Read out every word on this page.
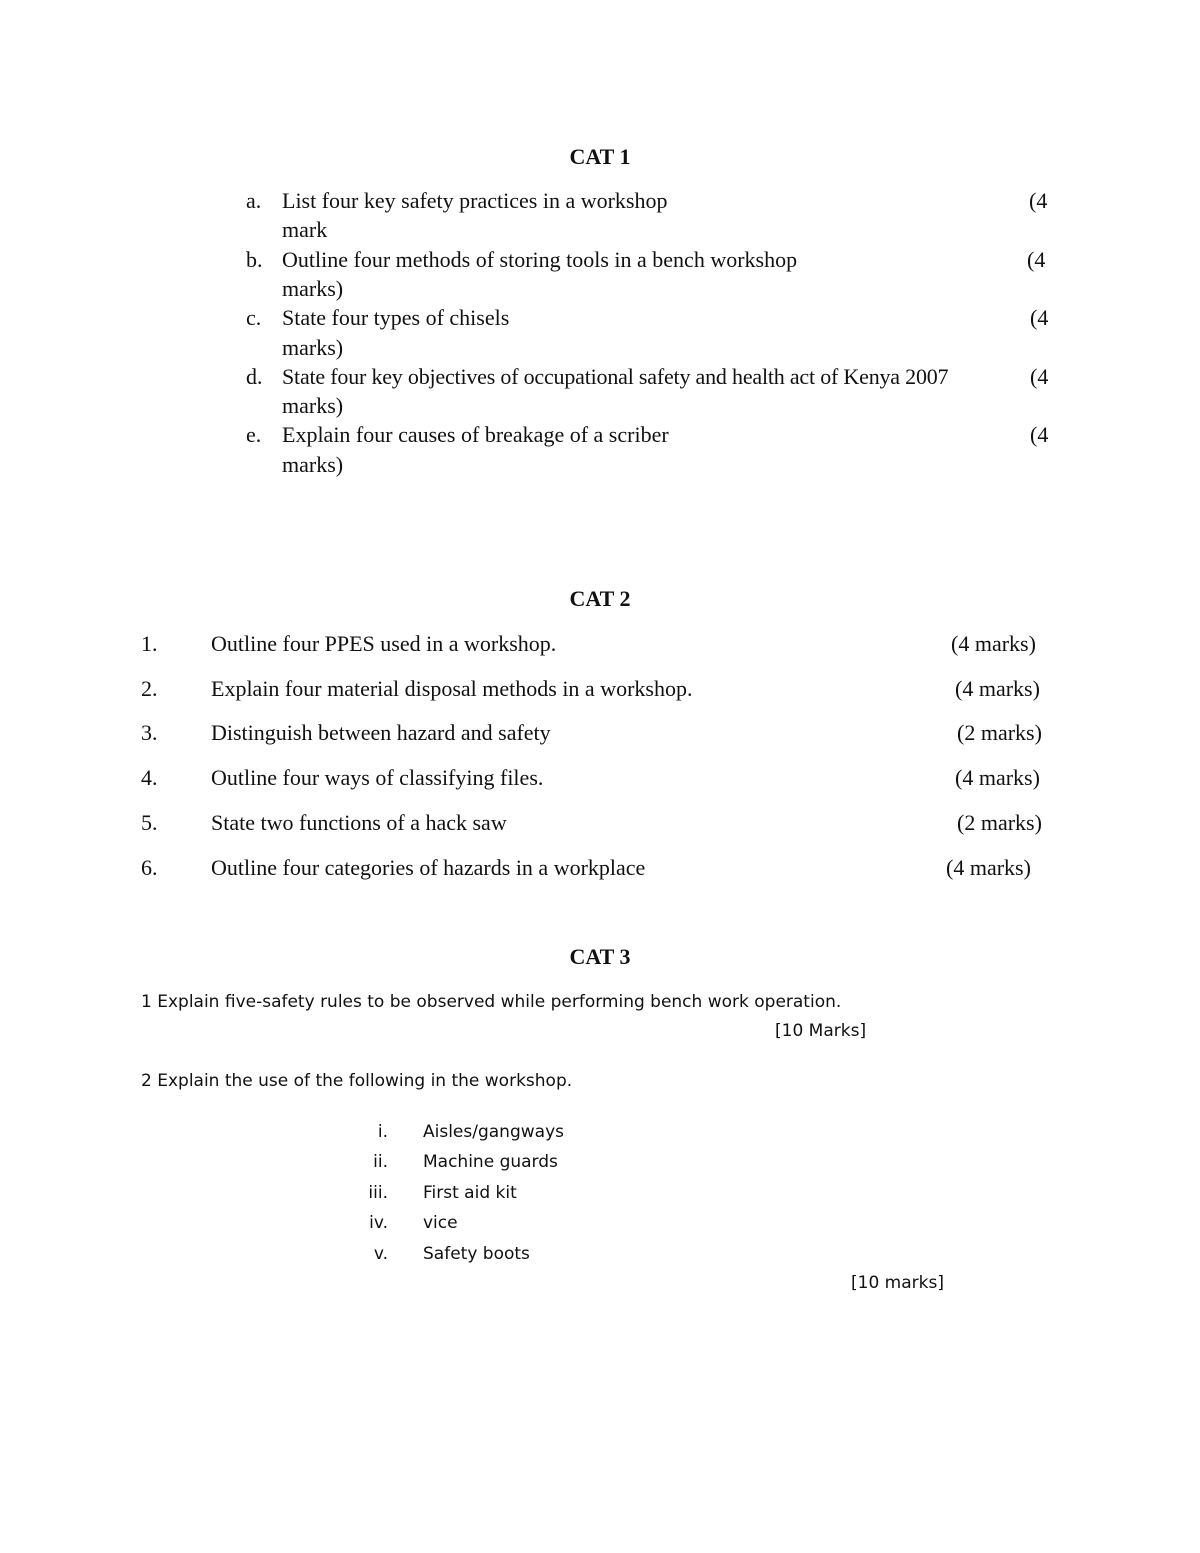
CAT 1
a. List four key safety practices in a workshop	(4
mark
b. Outline four methods of storing tools in a bench workshop	(4
marks)
c. State four types of chisels	(4
marks)
d. State four key objectives of occupational safety and health act of Kenya 2007	(4
marks)
e. Explain four causes of breakage of a scriber	(4
marks)
CAT 2
1. Outline four PPES used in a workshop.	(4 marks)
2. Explain four material disposal methods in a workshop.	(4 marks)
3. Distinguish between hazard and safety	(2 marks)
4. Outline four ways of classifying files.	(4 marks)
5. State two functions of a hack saw	(2 marks)
6. Outline four categories of hazards in a workplace	(4 marks)
CAT 3
1 Explain five-safety rules to be observed while performing bench work operation.
[10 Marks]
2 Explain the use of the following in the workshop.
i. Aisles/gangways
ii. Machine guards
iii. First aid kit
iv. vice
v. Safety boots
[10 marks]
